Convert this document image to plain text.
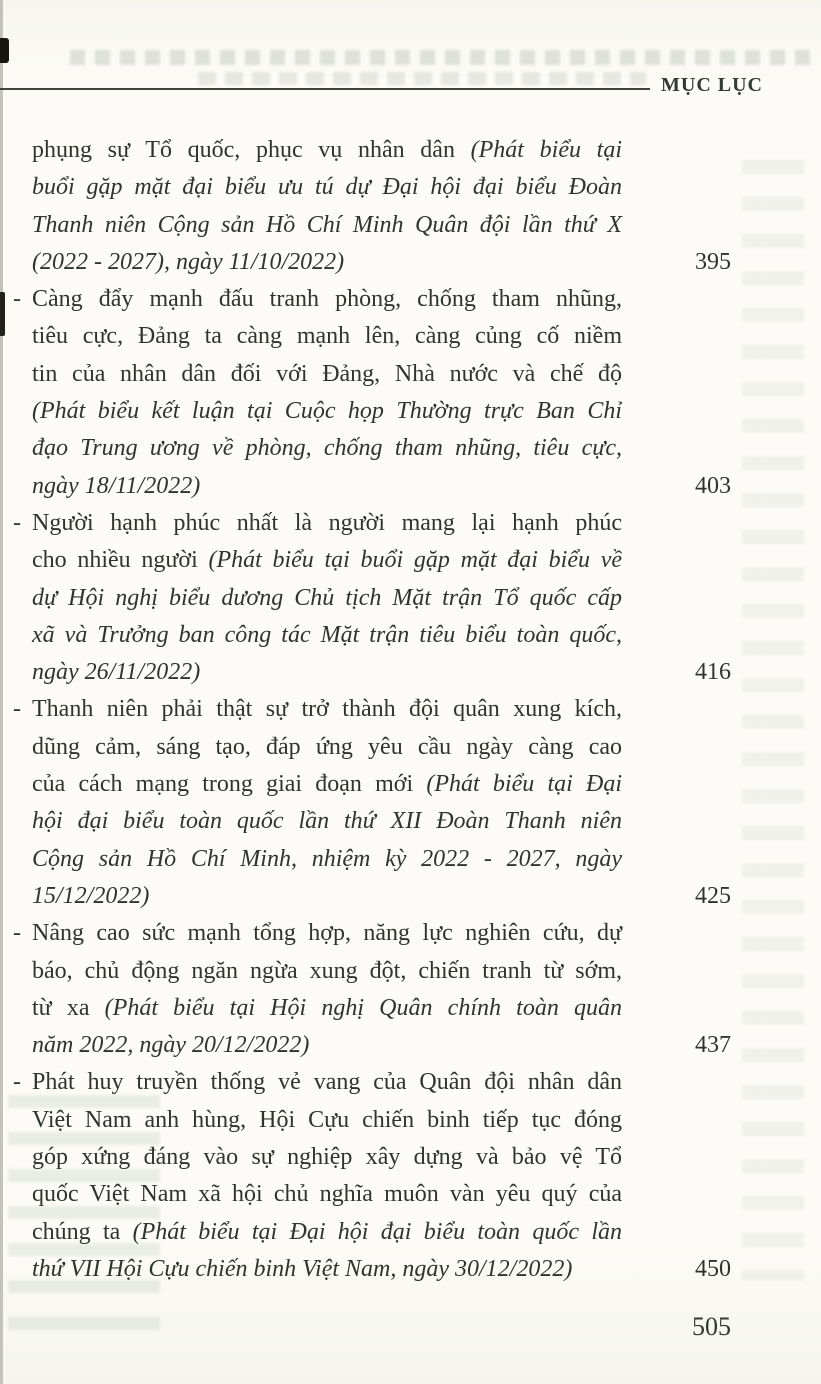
MỤC LỤC
phụng sự Tổ quốc, phục vụ nhân dân (Phát biểu tại
buổi gặp mặt đại biểu ưu tú dự Đại hội đại biểu Đoàn
Thanh niên Cộng sản Hồ Chí Minh Quân đội lần thứ X
(2022 - 2027), ngày 11/10/2022)	395
- Càng đẩy mạnh đấu tranh phòng, chống tham nhũng,
tiêu cực, Đảng ta càng mạnh lên, càng củng cố niềm
tin của nhân dân đối với Đảng, Nhà nước và chế độ
(Phát biểu kết luận tại Cuộc họp Thường trực Ban Chỉ
đạo Trung ương về phòng, chống tham nhũng, tiêu cực,
ngày 18/11/2022)	403
- Người hạnh phúc nhất là người mang lại hạnh phúc
cho nhiều người (Phát biểu tại buổi gặp mặt đại biểu về
dự Hội nghị biểu dương Chủ tịch Mặt trận Tổ quốc cấp
xã và Trưởng ban công tác Mặt trận tiêu biểu toàn quốc,
ngày 26/11/2022)	416
- Thanh niên phải thật sự trở thành đội quân xung kích,
dũng cảm, sáng tạo, đáp ứng yêu cầu ngày càng cao
của cách mạng trong giai đoạn mới (Phát biểu tại Đại
hội đại biểu toàn quốc lần thứ XII Đoàn Thanh niên
Cộng sản Hồ Chí Minh, nhiệm kỳ 2022 - 2027, ngày
15/12/2022)	425
- Nâng cao sức mạnh tổng hợp, năng lực nghiên cứu, dự
báo, chủ động ngăn ngừa xung đột, chiến tranh từ sớm,
từ xa (Phát biểu tại Hội nghị Quân chính toàn quân
năm 2022, ngày 20/12/2022)	437
- Phát huy truyền thống vẻ vang của Quân đội nhân dân
Việt Nam anh hùng, Hội Cựu chiến binh tiếp tục đóng
góp xứng đáng vào sự nghiệp xây dựng và bảo vệ Tổ
quốc Việt Nam xã hội chủ nghĩa muôn vàn yêu quý của
chúng ta (Phát biểu tại Đại hội đại biểu toàn quốc lần
thứ VII Hội Cựu chiến binh Việt Nam, ngày 30/12/2022)	450
505
